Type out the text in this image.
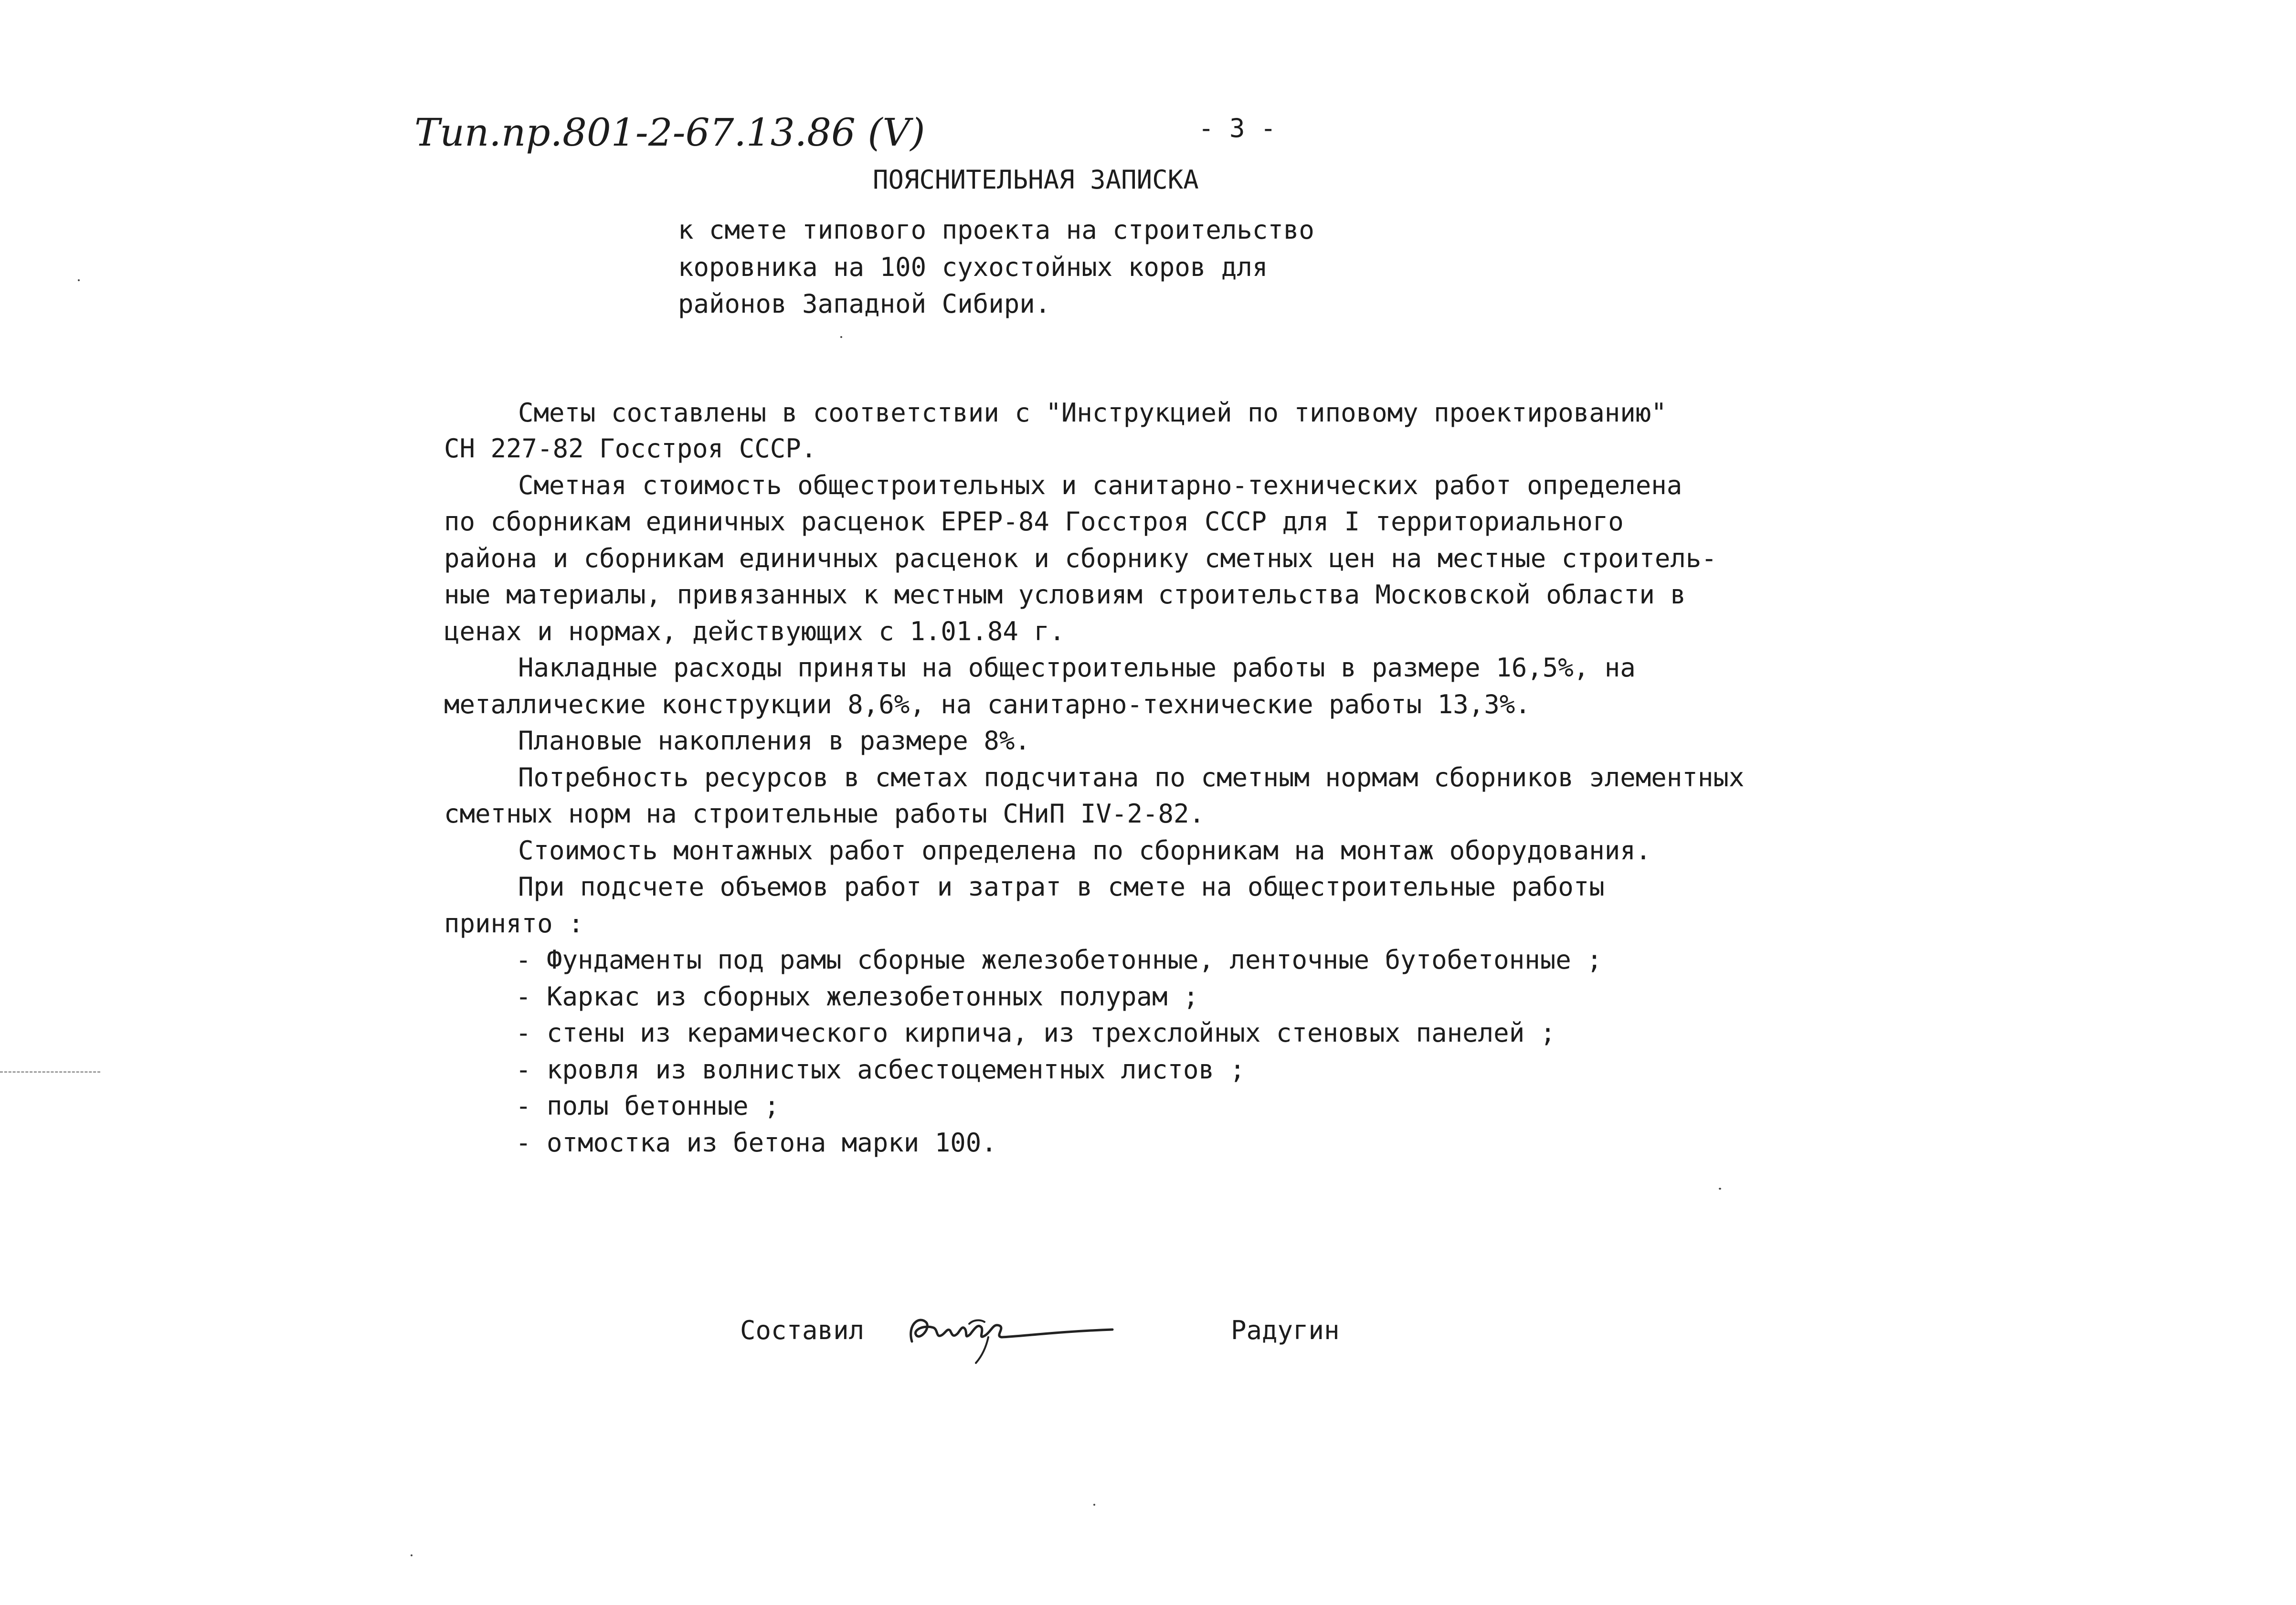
Тип.пр.801-2-67.13.86 (V)	- 3 -
ПОЯСНИТЕЛЬНАЯ ЗАПИСКА
к смете типового проекта на строительство
коровника на 100 сухостойных коров для
районов Западной Сибири.
Сметы составлены в соответствии с "Инструкцией по типовому проектированию"
СН 227-82 Госстроя СССР.
Сметная стоимость общестроительных и санитарно-технических работ определена
по сборникам единичных расценок ЕРЕР-84 Госстроя СССР для I территориального
района и сборникам единичных расценок и сборнику сметных цен на местные строитель-
ные материалы, привязанных к местным условиям строительства Московской области в
ценах и нормах, действующих с 1.01.84 г.
Накладные расходы приняты на общестроительные работы в размере 16,5%, на
металлические конструкции 8,6%, на санитарно-технические работы 13,3%.
Плановые накопления в размере 8%.
Потребность ресурсов в сметах подсчитана по сметным нормам сборников элементных
сметных норм на строительные работы СНиП IV-2-82.
Стоимость монтажных работ определена по сборникам на монтаж оборудования.
При подсчете объемов работ и затрат в смете на общестроительные работы
принято :
- Фундаменты под рамы сборные железобетонные, ленточные бутобетонные ;
- Каркас из сборных железобетонных полурам ;
- стены из керамического кирпича, из трехслойных стеновых панелей ;
- кровля из волнистых асбестоцементных листов ;
- полы бетонные ;
- отмостка из бетона марки 100.
Составил	Радугин
